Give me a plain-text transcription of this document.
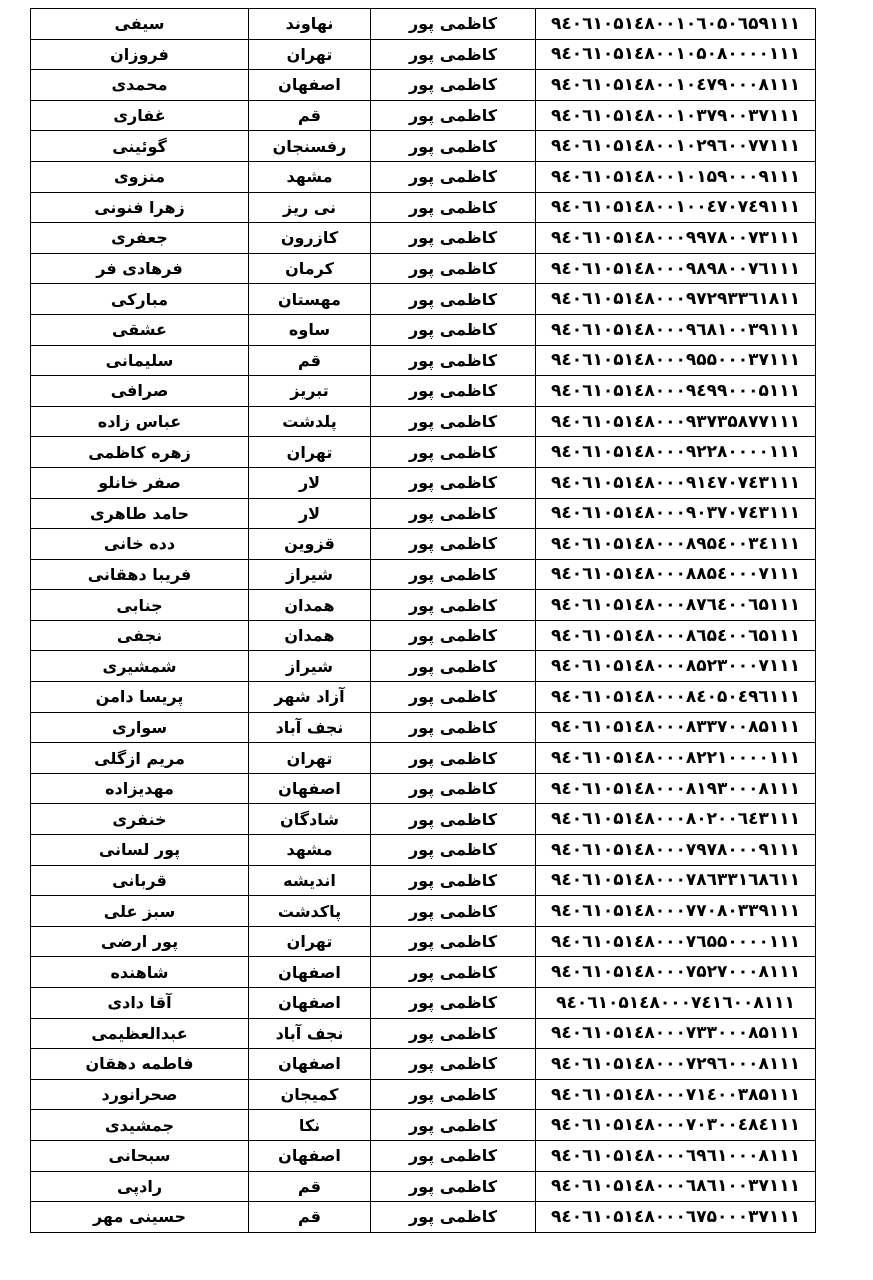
سیفی	نهاوند	کاظمی پور	۹٤۰٦۱۰۵۱٤۸۰۰۱۰٦۰۵۰٦۵۹۱۱۱
فروزان	تهران	کاظمی پور	۹٤۰٦۱۰۵۱٤۸۰۰۱۰۵۰۸۰۰۰۰۱۱۱
محمدی	اصفهان	کاظمی پور	۹٤۰٦۱۰۵۱٤۸۰۰۱۰٤۷۹۰۰۰۸۱۱۱
غفاری	قم	کاظمی پور	۹٤۰٦۱۰۵۱٤۸۰۰۱۰۳۷۹۰۰۳۷۱۱۱
گوئینی	رفسنجان	کاظمی پور	۹٤۰٦۱۰۵۱٤۸۰۰۱۰۲۹٦۰۰۷۷۱۱۱
منزوی	مشهد	کاظمی پور	۹٤۰٦۱۰۵۱٤۸۰۰۱۰۱۵۹۰۰۰۹۱۱۱
زهرا فنونی	نی ریز	کاظمی پور	۹٤۰٦۱۰۵۱٤۸۰۰۱۰۰٤۷۰۷٤۹۱۱۱
جعفری	کازرون	کاظمی پور	۹٤۰٦۱۰۵۱٤۸۰۰۰۹۹۷۸۰۰۷۳۱۱۱
فرهادی فر	کرمان	کاظمی پور	۹٤۰٦۱۰۵۱٤۸۰۰۰۹۸۹۸۰۰۷٦۱۱۱
مبارکی	مهستان	کاظمی پور	۹٤۰٦۱۰۵۱٤۸۰۰۰۹۷۲۹۳۳٦۱۸۱۱
عشقی	ساوه	کاظمی پور	۹٤۰٦۱۰۵۱٤۸۰۰۰۹٦۸۱۰۰۳۹۱۱۱
سلیمانی	قم	کاظمی پور	۹٤۰٦۱۰۵۱٤۸۰۰۰۹۵۵۰۰۰۳۷۱۱۱
صرافی	تبریز	کاظمی پور	۹٤۰٦۱۰۵۱٤۸۰۰۰۹٤۹۹۰۰۰۵۱۱۱
عباس زاده	پلدشت	کاظمی پور	۹٤۰٦۱۰۵۱٤۸۰۰۰۹۳۷۳۵۸۷۷۱۱۱
زهره کاظمی	تهران	کاظمی پور	۹٤۰٦۱۰۵۱٤۸۰۰۰۹۲۲۸۰۰۰۰۱۱۱
صفر خانلو	لار	کاظمی پور	۹٤۰٦۱۰۵۱٤۸۰۰۰۹۱٤۷۰۷٤۳۱۱۱
حامد طاهری	لار	کاظمی پور	۹٤۰٦۱۰۵۱٤۸۰۰۰۹۰۳۷۰۷٤۳۱۱۱
دده خانی	قزوین	کاظمی پور	۹٤۰٦۱۰۵۱٤۸۰۰۰۸۹۵٤۰۰۳٤۱۱۱
فریبا دهقانی	شیراز	کاظمی پور	۹٤۰٦۱۰۵۱٤۸۰۰۰۸۸۵٤۰۰۰۷۱۱۱
جنابی	همدان	کاظمی پور	۹٤۰٦۱۰۵۱٤۸۰۰۰۸۷٦٤۰۰٦۵۱۱۱
نجفی	همدان	کاظمی پور	۹٤۰٦۱۰۵۱٤۸۰۰۰۸٦۵٤۰۰٦۵۱۱۱
شمشیری	شیراز	کاظمی پور	۹٤۰٦۱۰۵۱٤۸۰۰۰۸۵۲۳۰۰۰۷۱۱۱
پریسا دامن	آزاد شهر	کاظمی پور	۹٤۰٦۱۰۵۱٤۸۰۰۰۸٤۰۵۰٤۹٦۱۱۱
سواری	نجف آباد	کاظمی پور	۹٤۰٦۱۰۵۱٤۸۰۰۰۸۳۳۷۰۰۸۵۱۱۱
مریم ازگلی	تهران	کاظمی پور	۹٤۰٦۱۰۵۱٤۸۰۰۰۸۲۲۱۰۰۰۰۱۱۱
مهدیزاده	اصفهان	کاظمی پور	۹٤۰٦۱۰۵۱٤۸۰۰۰۸۱۹۳۰۰۰۸۱۱۱
خنفری	شادگان	کاظمی پور	۹٤۰٦۱۰۵۱٤۸۰۰۰۸۰۲۰۰٦٤۳۱۱۱
پور لسانی	مشهد	کاظمی پور	۹٤۰٦۱۰۵۱٤۸۰۰۰۷۹۷۸۰۰۰۹۱۱۱
قربانی	اندیشه	کاظمی پور	۹٤۰٦۱۰۵۱٤۸۰۰۰۷۸٦۳۳۱٦۸٦۱۱
سبز علی	پاکدشت	کاظمی پور	۹٤۰٦۱۰۵۱٤۸۰۰۰۷۷۰۸۰۳۳۹۱۱۱
پور ارضی	تهران	کاظمی پور	۹٤۰٦۱۰۵۱٤۸۰۰۰۷٦۵۵۰۰۰۰۱۱۱
شاهنده	اصفهان	کاظمی پور	۹٤۰٦۱۰۵۱٤۸۰۰۰۷۵۲۷۰۰۰۸۱۱۱
آقا دادی	اصفهان	کاظمی پور	۹٤۰٦۱۰۵۱٤۸۰۰۰۷٤۱٦۰۰۸۱۱۱
عبدالعظیمی	نجف آباد	کاظمی پور	۹٤۰٦۱۰۵۱٤۸۰۰۰۷۳۳۰۰۰۸۵۱۱۱
فاطمه دهقان	اصفهان	کاظمی پور	۹٤۰٦۱۰۵۱٤۸۰۰۰۷۲۹٦۰۰۰۸۱۱۱
صحرانورد	کمیجان	کاظمی پور	۹٤۰٦۱۰۵۱٤۸۰۰۰۷۱٤۰۰۳۸۵۱۱۱
جمشیدی	نکا	کاظمی پور	۹٤۰٦۱۰۵۱٤۸۰۰۰۷۰۳۰۰٤۸٤۱۱۱
سبحانی	اصفهان	کاظمی پور	۹٤۰٦۱۰۵۱٤۸۰۰۰٦۹٦۱۰۰۰۸۱۱۱
رادپی	قم	کاظمی پور	۹٤۰٦۱۰۵۱٤۸۰۰۰٦۸٦۱۰۰۳۷۱۱۱
حسینی مهر	قم	کاظمی پور	۹٤۰٦۱۰۵۱٤۸۰۰۰٦۷۵۰۰۰۳۷۱۱۱
